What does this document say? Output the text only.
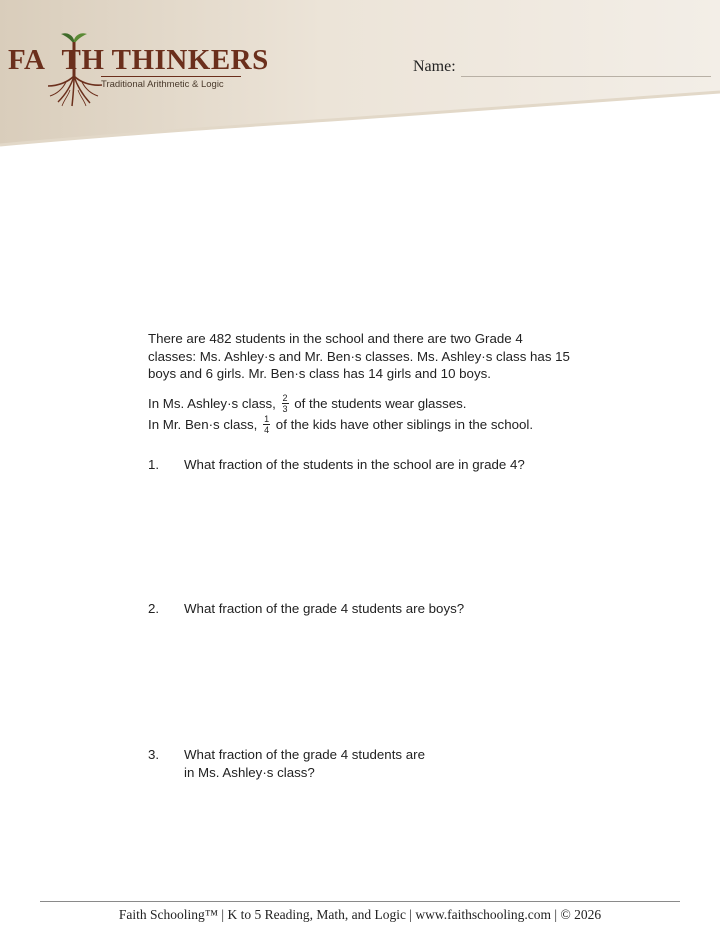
FA TH THINKERS
Traditional Arithmetic & Logic
Name:
There are 482 students in the school and there are two Grade 4
classes: Ms. Ashley·s and Mr. Ben·s classes. Ms. Ashley·s class has 15
boys and 6 girls. Mr. Ben·s class has 14 girls and 10 boys.
In Ms. Ashley·s class, $\frac{2}{3}$ of the students wear glasses.
In Mr. Ben·s class, $\frac{1}{4}$ of the kids have other siblings in the school.
1. What fraction of the students in the school are in grade 4?
2. What fraction of the grade 4 students are boys?
3. What fraction of the grade 4 students are
in Ms. Ashley·s class?
Faith Schooling™ | K to 5 Reading, Math, and Logic | www.faithschooling.com | © 2026
